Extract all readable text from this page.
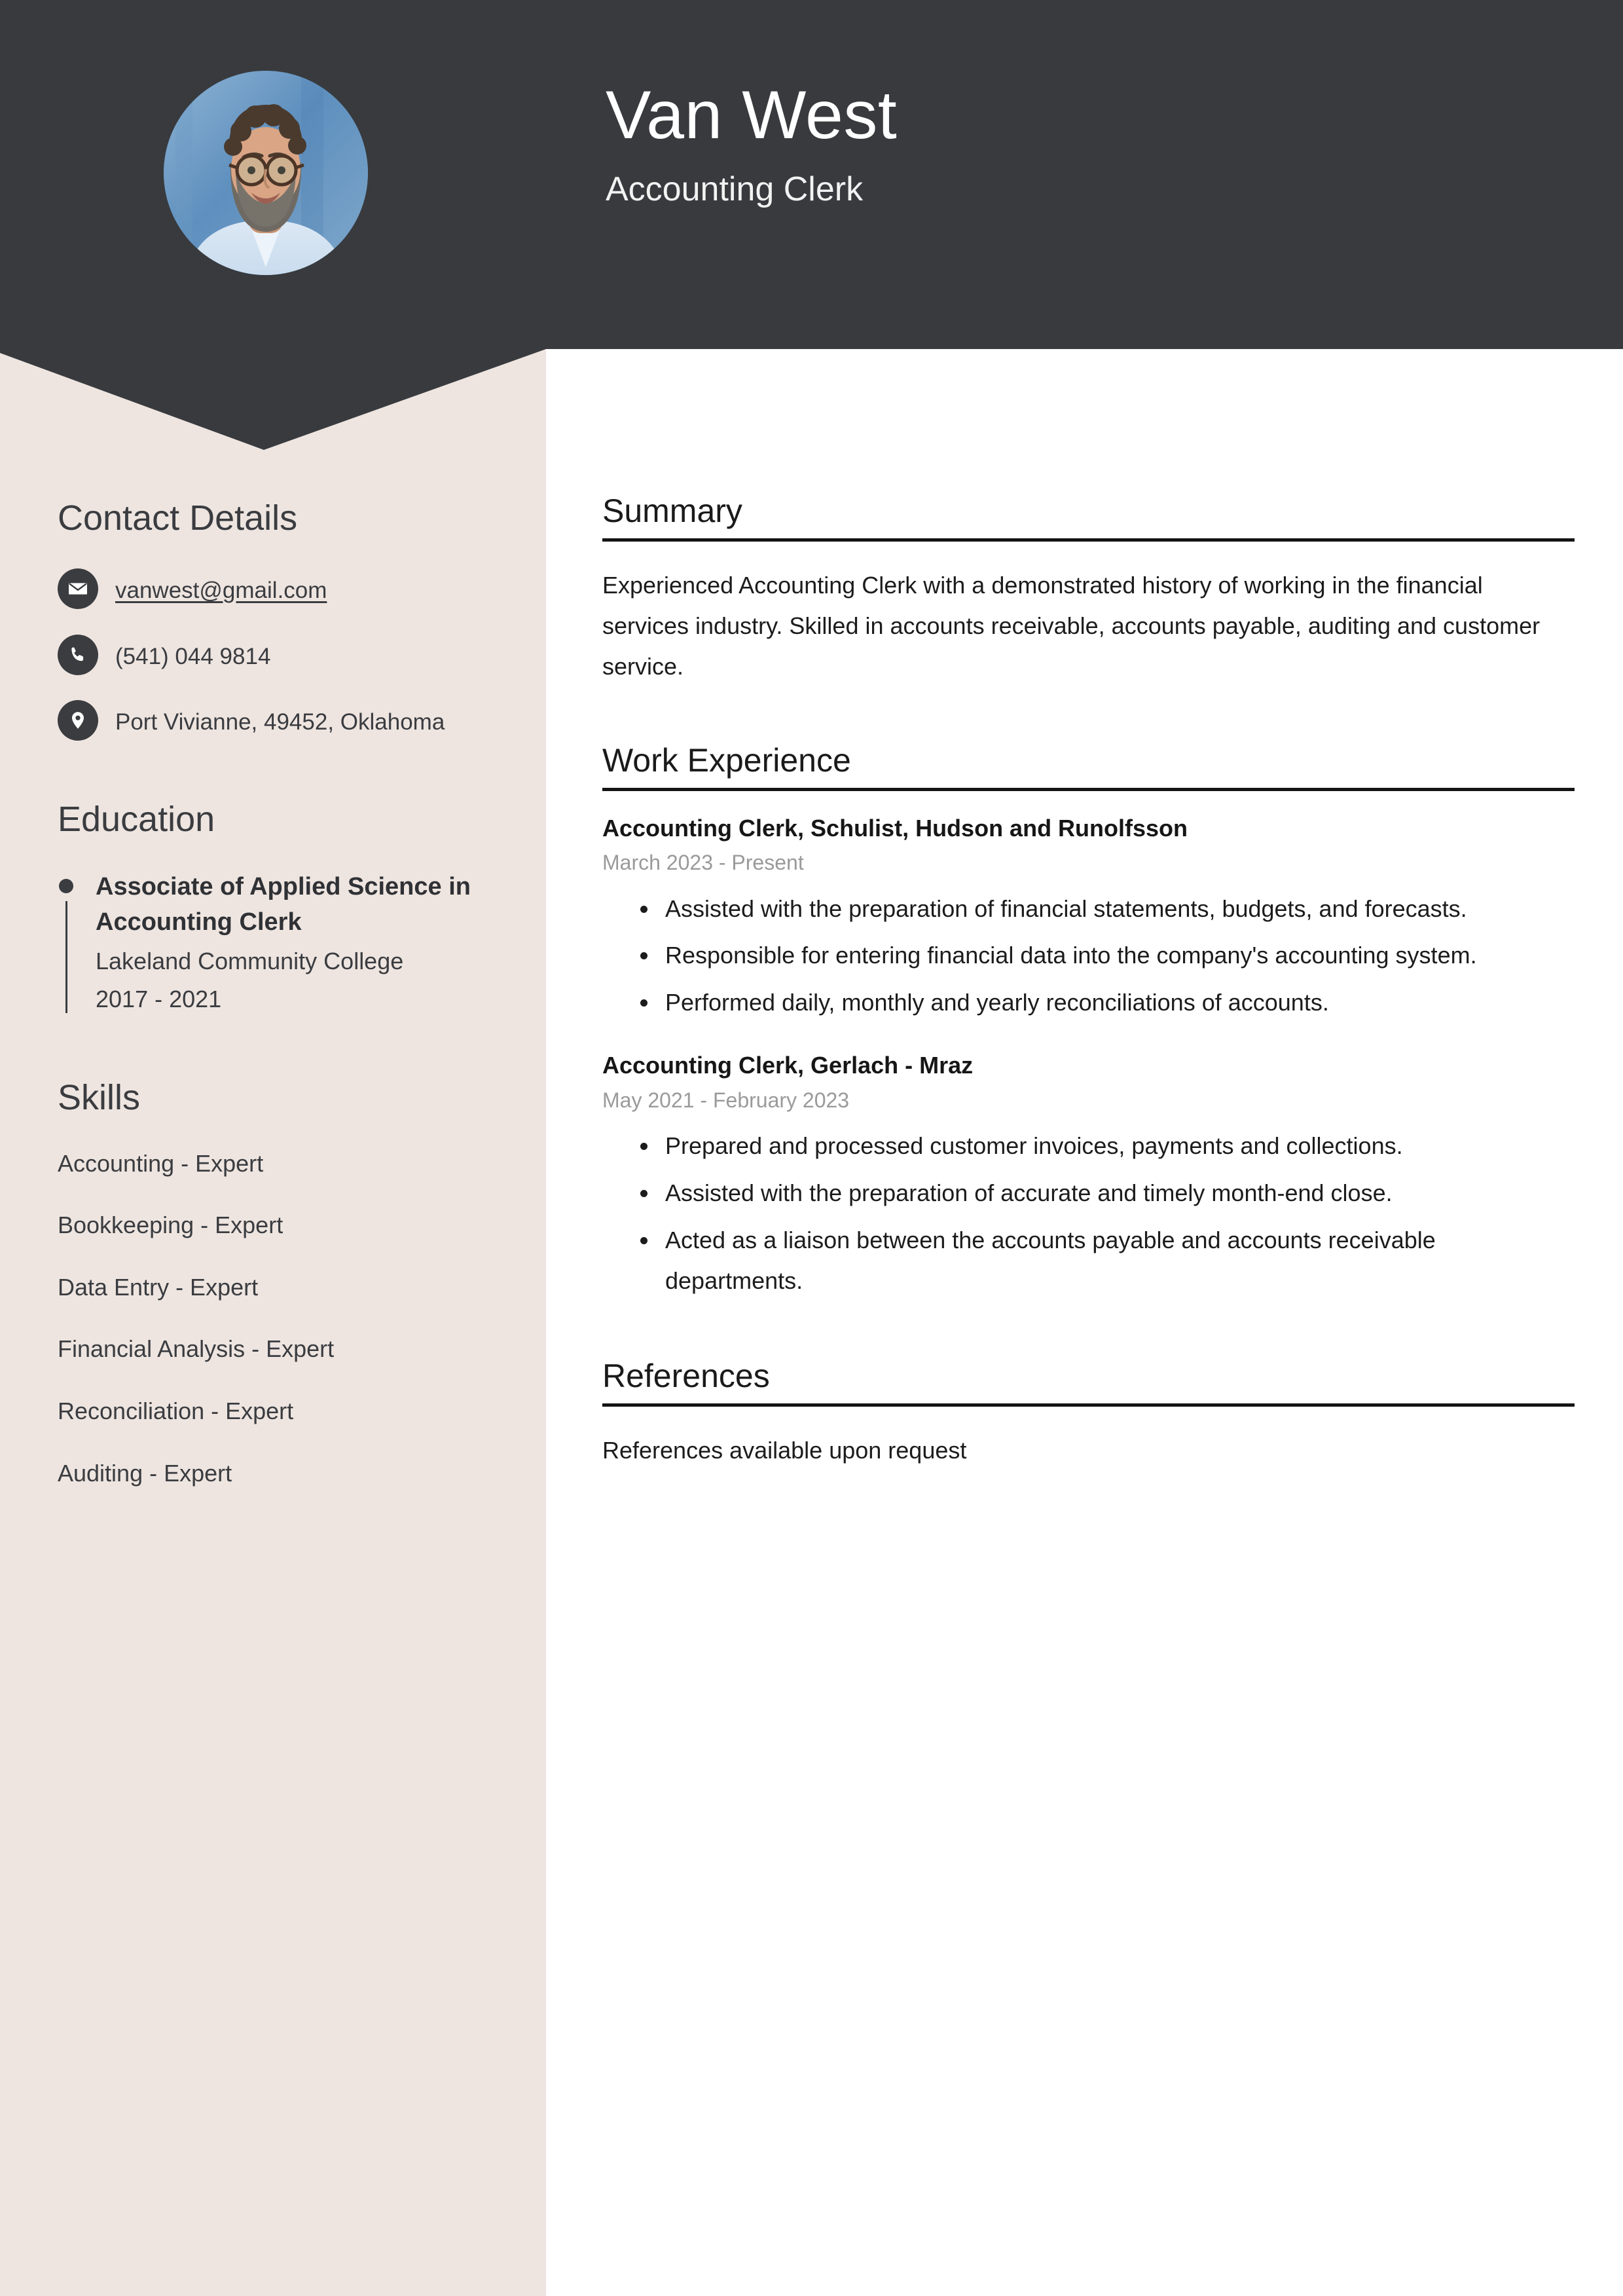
Van West
Accounting Clerk
Contact Details
vanwest@gmail.com
(541) 044 9814
Port Vivianne, 49452, Oklahoma
Education
Associate of Applied Science in Accounting Clerk
Lakeland Community College
2017 - 2021
Skills
Accounting - Expert
Bookkeeping - Expert
Data Entry - Expert
Financial Analysis - Expert
Reconciliation - Expert
Auditing - Expert
Summary

Experienced Accounting Clerk with a demonstrated history of working in the financial services industry. Skilled in accounts receivable, accounts payable, auditing and customer service.

Work Experience
Accounting Clerk, Schulist, Hudson and Runolfsson
March 2023 - Present
Assisted with the preparation of financial statements, budgets, and forecasts.
Responsible for entering financial data into the company's accounting system.
Performed daily, monthly and yearly reconciliations of accounts.
Accounting Clerk, Gerlach - Mraz
May 2021 - February 2023
Prepared and processed customer invoices, payments and collections.
Assisted with the preparation of accurate and timely month-end close.
Acted as a liaison between the accounts payable and accounts receivable departments.
References

References available upon request
